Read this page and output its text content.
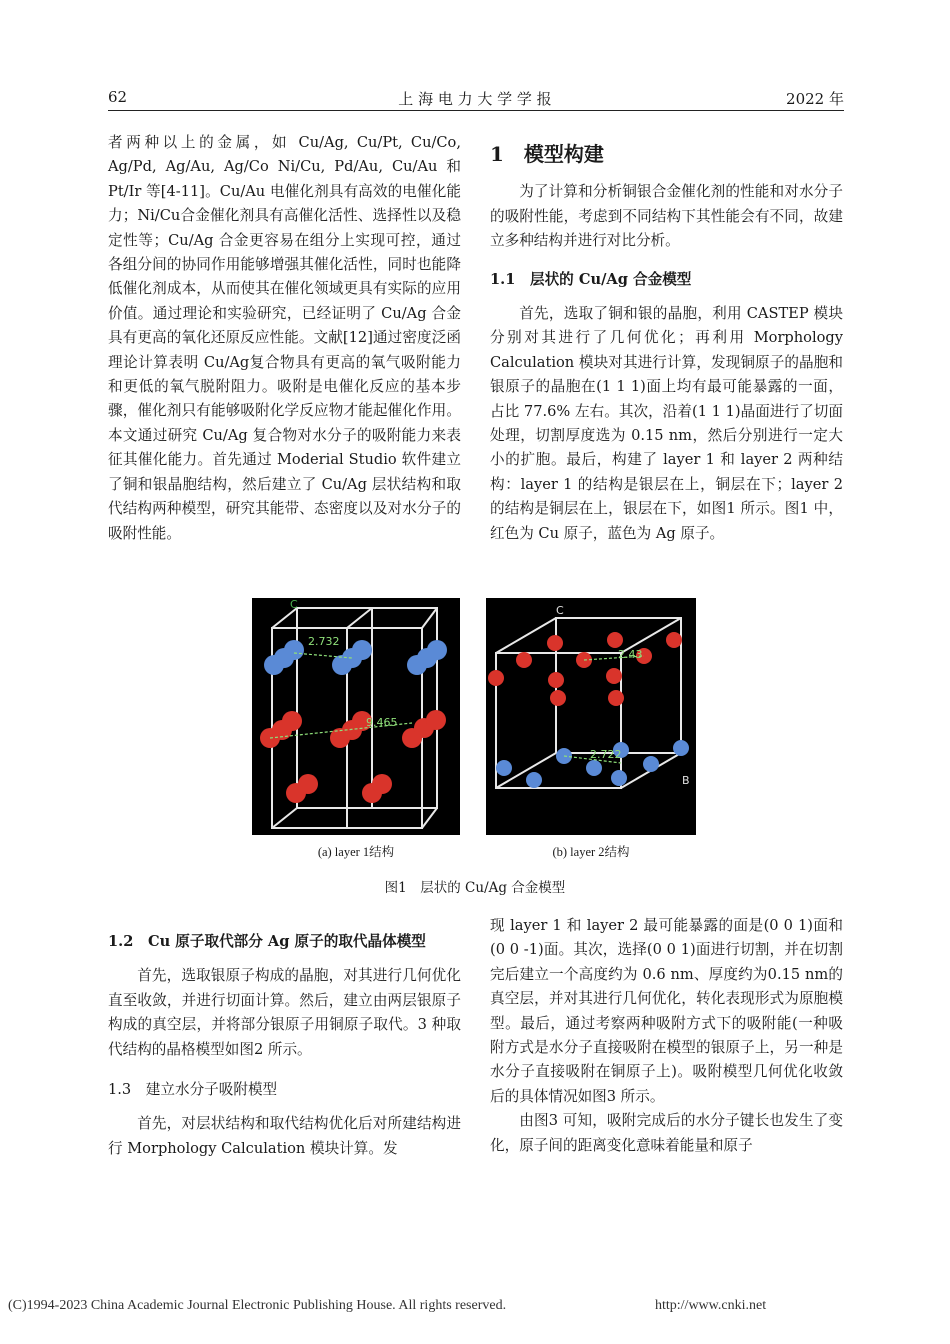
62	上 海 电 力 大 学 学 报	2022 年

者两种以上的金属，如 Cu/Ag, Cu/Pt, Cu/Co, Ag/Pd, Ag/Au, Ag/Co Ni/Cu, Pd/Au, Cu/Au 和 Pt/Ir 等[4-11]。Cu/Au 电催化剂具有高效的电催化能力；Ni/Cu合金催化剂具有高催化活性、选择性以及稳定性等；Cu/Ag 合金更容易在组分上实现可控，通过各组分间的协同作用能够增强其催化活性，同时也能降低催化剂成本，从而使其在催化领域更具有实际的应用价值。通过理论和实验研究，已经证明了 Cu/Ag 合金具有更高的氧化还原反应性能。文献[12]通过密度泛函理论计算表明 Cu/Ag复合物具有更高的氧气吸附能力和更低的氧气脱附阻力。吸附是电催化反应的基本步骤，催化剂只有能够吸附化学反应物才能起催化作用。本文通过研究 Cu/Ag 复合物对水分子的吸附能力来表征其催化能力。首先通过 Moderial Studio 软件建立了铜和银晶胞结构，然后建立了 Cu/Ag 层状结构和取代结构两种模型，研究其能带、态密度以及对水分子的吸附性能。

1　模型构建

为了计算和分析铜银合金催化剂的性能和对水分子的吸附性能，考虑到不同结构下其性能会有不同，故建立多种结构并进行对比分析。

1.1　层状的 Cu/Ag 合金模型

首先，选取了铜和银的晶胞，利用 CASTEP 模块分别对其进行了几何优化；再利用 Morphology Calculation 模块对其进行计算，发现铜原子的晶胞和银原子的晶胞在(1 1 1)面上均有最可能暴露的一面，占比 77.6% 左右。其次，沿着(1 1 1)晶面进行了切面处理，切割厚度选为 0.15 nm，然后分别进行一定大小的扩胞。最后，构建了 layer 1 和 layer 2 两种结构：layer 1 的结构是银层在上，铜层在下；layer 2 的结构是铜层在上，银层在下，如图1 所示。图1 中，红色为 Cu 原子，蓝色为 Ag 原子。

C
2.732
9.465
C
2.43
2.722
B
(a) layer 1结构	(b) layer 2结构
图1　层状的 Cu/Ag 合金模型
1.2　Cu 原子取代部分 Ag 原子的取代晶体模型

首先，选取银原子构成的晶胞，对其进行几何优化直至收敛，并进行切面计算。然后，建立由两层银原子构成的真空层，并将部分银原子用铜原子取代。3 种取代结构的晶格模型如图2 所示。

1.3　建立水分子吸附模型

首先，对层状结构和取代结构优化后对所建结构进行 Morphology Calculation 模块计算。发

现 layer 1 和 layer 2 最可能暴露的面是(0 0 1)面和(0 0 -1)面。其次，选择(0 0 1)面进行切割，并在切割完后建立一个高度约为 0.6 nm、厚度约为0.15 nm的真空层，并对其进行几何优化，转化表现形式为原胞模型。最后，通过考察两种吸附方式下的吸附能(一种吸附方式是水分子直接吸附在模型的银原子上，另一种是水分子直接吸附在铜原子上)。吸附模型几何优化收敛后的具体情况如图3 所示。

由图3 可知，吸附完成后的水分子键长也发生了变化，原子间的距离变化意味着能量和原子

(C)1994-2023 China Academic Journal Electronic Publishing House. All rights reserved.	http://www.cnki.net
